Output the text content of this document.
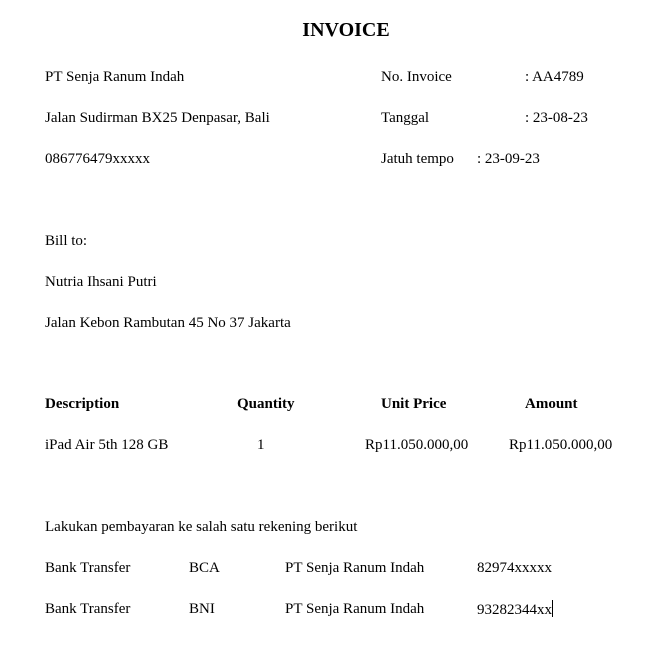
INVOICE
PT Senja Ranum Indah
Jalan Sudirman BX25 Denpasar, Bali
086776479xxxxx
No. Invoice	: AA4789
Tanggal	: 23-08-23
Jatuh tempo : 23-09-23
Bill to:
Nutria Ihsani Putri
Jalan Kebon Rambutan 45 No 37 Jakarta
Description	Quantity	Unit Price	Amount
iPad Air 5th 128 GB	1	Rp11.050.000,00	Rp11.050.000,00
Lakukan pembayaran ke salah satu rekening berikut
Bank Transfer	BCA	PT Senja Ranum Indah	82974xxxxx
Bank Transfer	BNI	PT Senja Ranum Indah	93282344xx
